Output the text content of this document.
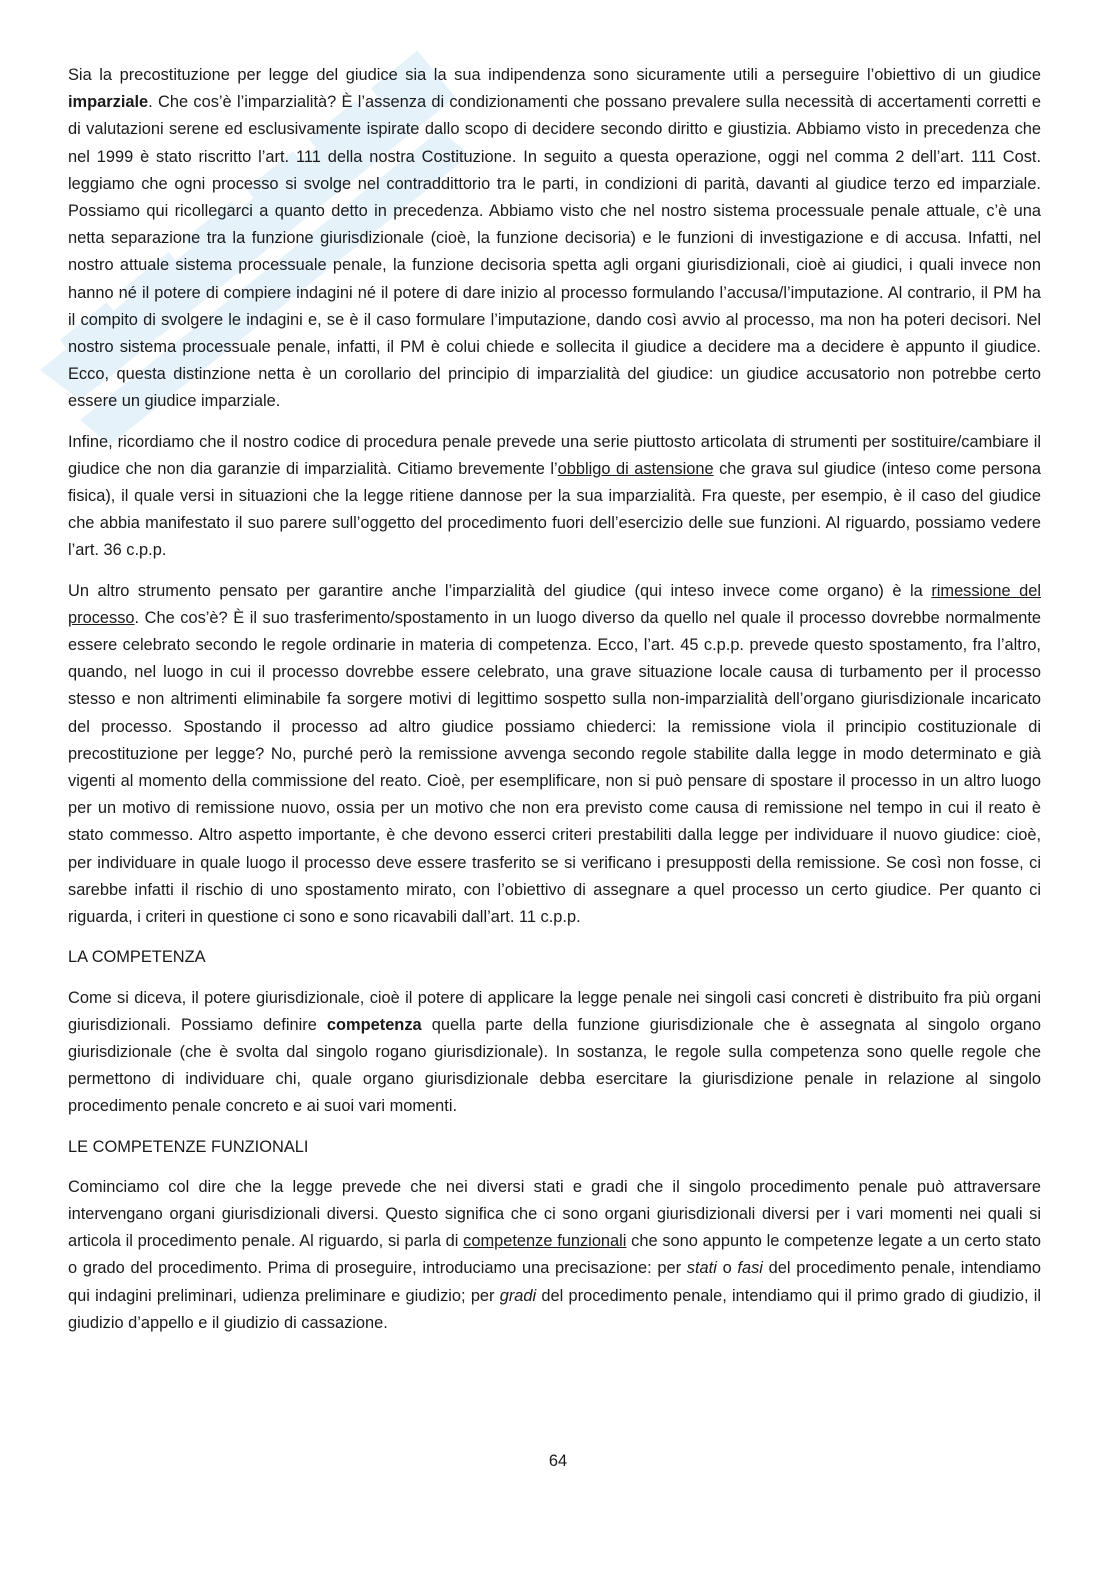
Sia la precostituzione per legge del giudice sia la sua indipendenza sono sicuramente utili a perseguire l’obiettivo di un giudice imparziale. Che cos’è l’imparzialità? È l’assenza di condizionamenti che possano prevalere sulla necessità di accertamenti corretti e di valutazioni serene ed esclusivamente ispirate dallo scopo di decidere secondo diritto e giustizia. Abbiamo visto in precedenza che nel 1999 è stato riscritto l’art. 111 della nostra Costituzione. In seguito a questa operazione, oggi nel comma 2 dell’art. 111 Cost. leggiamo che ogni processo si svolge nel contraddittorio tra le parti, in condizioni di parità, davanti al giudice terzo ed imparziale. Possiamo qui ricollegarci a quanto detto in precedenza. Abbiamo visto che nel nostro sistema processuale penale attuale, c’è una netta separazione tra la funzione giurisdizionale (cioè, la funzione decisoria) e le funzioni di investigazione e di accusa. Infatti, nel nostro attuale sistema processuale penale, la funzione decisoria spetta agli organi giurisdizionali, cioè ai giudici, i quali invece non hanno né il potere di compiere indagini né il potere di dare inizio al processo formulando l’accusa/l’imputazione. Al contrario, il PM ha il compito di svolgere le indagini e, se è il caso formulare l’imputazione, dando così avvio al processo, ma non ha poteri decisori. Nel nostro sistema processuale penale, infatti, il PM è colui chiede e sollecita il giudice a decidere ma a decidere è appunto il giudice. Ecco, questa distinzione netta è un corollario del principio di imparzialità del giudice: un giudice accusatorio non potrebbe certo essere un giudice imparziale.

Infine, ricordiamo che il nostro codice di procedura penale prevede una serie piuttosto articolata di strumenti per sostituire/cambiare il giudice che non dia garanzie di imparzialità. Citiamo brevemente l’obbligo di astensione che grava sul giudice (inteso come persona fisica), il quale versi in situazioni che la legge ritiene dannose per la sua imparzialità. Fra queste, per esempio, è il caso del giudice che abbia manifestato il suo parere sull’oggetto del procedimento fuori dell’esercizio delle sue funzioni. Al riguardo, possiamo vedere l’art. 36 c.p.p.

Un altro strumento pensato per garantire anche l’imparzialità del giudice (qui inteso invece come organo) è la rimessione del processo. Che cos’è? È il suo trasferimento/spostamento in un luogo diverso da quello nel quale il processo dovrebbe normalmente essere celebrato secondo le regole ordinarie in materia di competenza. Ecco, l’art. 45 c.p.p. prevede questo spostamento, fra l’altro, quando, nel luogo in cui il processo dovrebbe essere celebrato, una grave situazione locale causa di turbamento per il processo stesso e non altrimenti eliminabile fa sorgere motivi di legittimo sospetto sulla non-imparzialità dell’organo giurisdizionale incaricato del processo. Spostando il processo ad altro giudice possiamo chiederci: la remissione viola il principio costituzionale di precostituzione per legge? No, purché però la remissione avvenga secondo regole stabilite dalla legge in modo determinato e già vigenti al momento della commissione del reato. Cioè, per esemplificare, non si può pensare di spostare il processo in un altro luogo per un motivo di remissione nuovo, ossia per un motivo che non era previsto come causa di remissione nel tempo in cui il reato è stato commesso. Altro aspetto importante, è che devono esserci criteri prestabiliti dalla legge per individuare il nuovo giudice: cioè, per individuare in quale luogo il processo deve essere trasferito se si verificano i presupposti della remissione. Se così non fosse, ci sarebbe infatti il rischio di uno spostamento mirato, con l’obiettivo di assegnare a quel processo un certo giudice. Per quanto ci riguarda, i criteri in questione ci sono e sono ricavabili dall’art. 11 c.p.p.

LA COMPETENZA

Come si diceva, il potere giurisdizionale, cioè il potere di applicare la legge penale nei singoli casi concreti è distribuito fra più organi giurisdizionali. Possiamo definire competenza quella parte della funzione giurisdizionale che è assegnata al singolo organo giurisdizionale (che è svolta dal singolo rogano giurisdizionale). In sostanza, le regole sulla competenza sono quelle regole che permettono di individuare chi, quale organo giurisdizionale debba esercitare la giurisdizione penale in relazione al singolo procedimento penale concreto e ai suoi vari momenti.

LE COMPETENZE FUNZIONALI

Cominciamo col dire che la legge prevede che nei diversi stati e gradi che il singolo procedimento penale può attraversare intervengano organi giurisdizionali diversi. Questo significa che ci sono organi giurisdizionali diversi per i vari momenti nei quali si articola il procedimento penale. Al riguardo, si parla di competenze funzionali che sono appunto le competenze legate a un certo stato o grado del procedimento. Prima di proseguire, introduciamo una precisazione: per stati o fasi del procedimento penale, intendiamo qui indagini preliminari, udienza preliminare e giudizio; per gradi del procedimento penale, intendiamo qui il primo grado di giudizio, il giudizio d’appello e il giudizio di cassazione.

64
